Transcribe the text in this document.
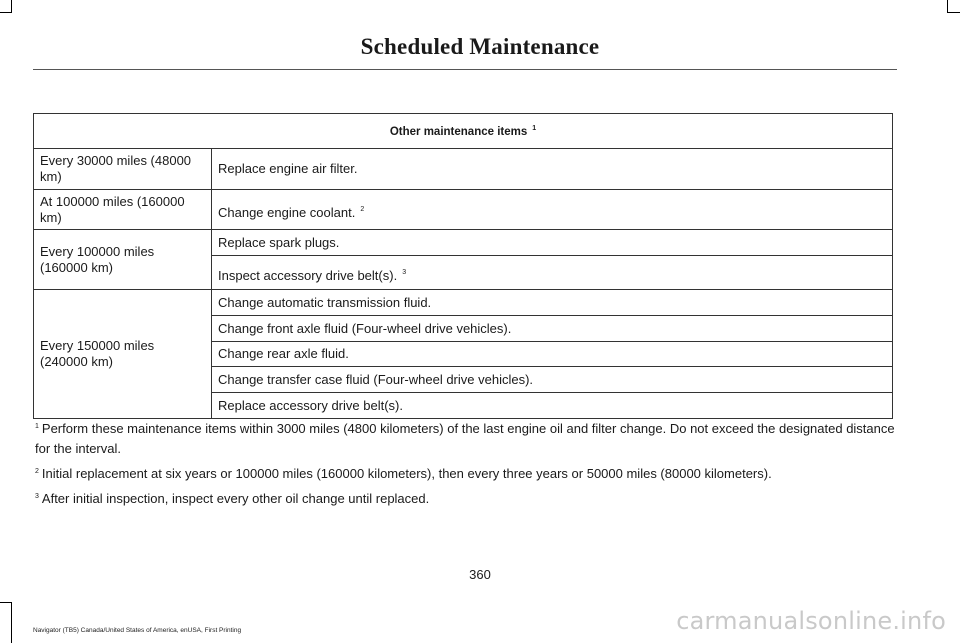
Scheduled Maintenance
Other maintenance items $^1$
Every 30000 miles (48000 km)	Replace engine air filter.
At 100000 miles (160000 km)	Change engine coolant. $^2$
Every 100000 miles (160000 km)	Replace spark plugs.
	Inspect accessory drive belt(s). $^3$
Every 150000 miles (240000 km)	Change automatic transmission fluid.
	Change front axle fluid (Four-wheel drive vehicles).
	Change rear axle fluid.
	Change transfer case fluid (Four-wheel drive vehicles).
	Replace accessory drive belt(s).

$^1$ Perform these maintenance items within 3000 miles (4800 kilometers) of the last engine oil and filter change. Do not exceed the designated distance for the interval.

$^2$ Initial replacement at six years or 100000 miles (160000 kilometers), then every three years or 50000 miles (80000 kilometers).

$^3$ After initial inspection, inspect every other oil change until replaced.

360
Navigator (TB5) Canada/United States of America, enUSA, First Printing	carmanualsonline.info
